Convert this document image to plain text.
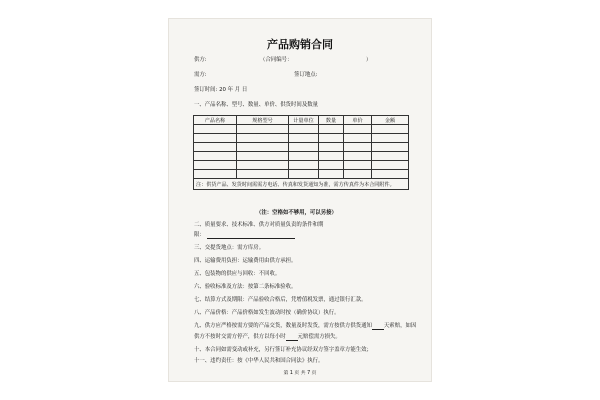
产品购销合同
供方:	（合同编号：	）
需方:	签订地点:
签订时间: 20 年 月 日
一、产品名称、型号、数量、单价、供货时间及数量
产品名称	规格型号	计量单位	数量	单价	金额

注：供货产品、发货时间需需方电话、传真和发货通知为准，需方传真件为本合同附件。					
（注：空格如不够用，可以另接）
二、质量要求、技术标准、供方对质量负责的条件和期
限：
三、交提货地点：需方库房。
四、运输费用负担：运输费用由供方承担。
五、包装物的供应与回收：不回收。
六、验收标准及方法：按第二条标准验收。
七、结算方式及期限：产品验收合格后，凭增值税发票，通过银行汇款。
八、产品价格：产品价格如发生波动时按（确价协议）执行。
九、供方应严格按需方要的产品交货，数量及时发货，需方按供方供货通知 天索赔，如因
供方不按时交需方停产，供方以每小时 元赔偿需方损失。
十、本合同如需变动或补充，另行签订补充协议经双方签字盖章方能生效；
十一、违约责任：按《中华人民共和国合同法》执行。
第 1 页 共 7 页
